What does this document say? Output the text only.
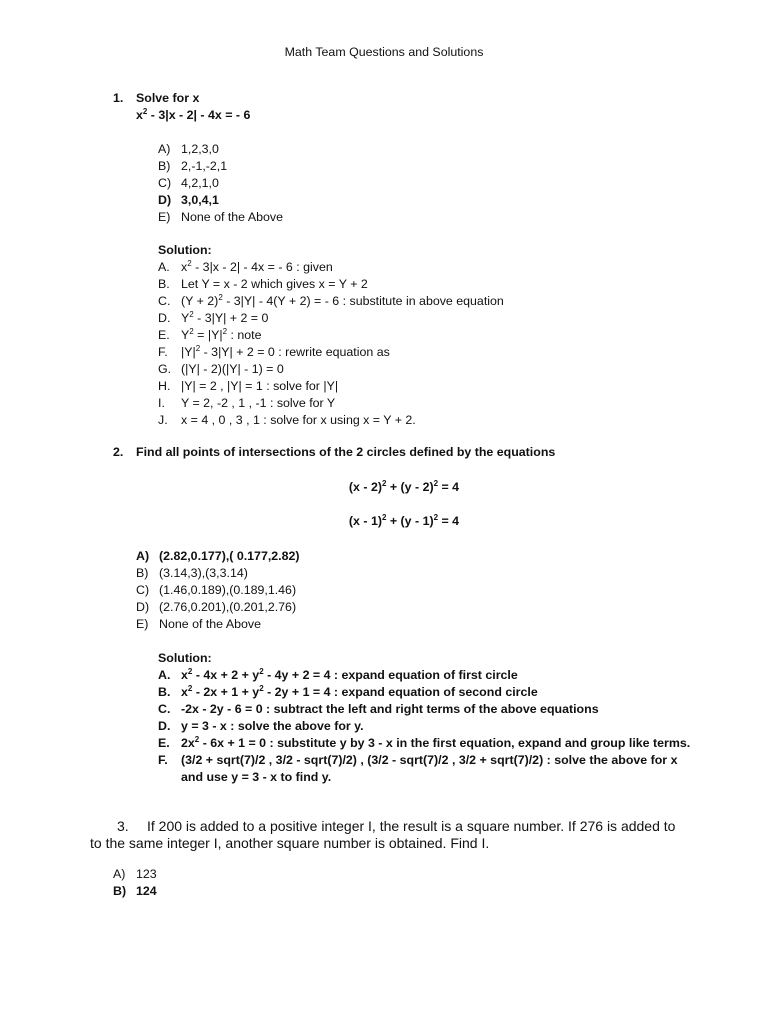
Math Team Questions and Solutions
1. Solve for x
$x^2 - 3|x - 2| - 4x$ = - 6
A) 1,2,3,0
B) 2,-1,-2,1
C) 4,2,1,0
D) 3,0,4,1
E) None of the Above
Solution:
A. $x^2 - 3|x - 2| - 4x$ = - 6 : given
B. Let Y = x - 2 which gives x = Y + 2
C. $(Y + 2)^2 - 3|Y| - 4(Y + 2)$ = - 6 : substitute in above equation
D. $Y^2 - 3|Y| + 2 = 0$
E. $Y^2 = |Y|^2$ : note
F. $|Y|^2 - 3|Y| + 2 = 0$ : rewrite equation as
G. (|Y| - 2)(|Y| - 1) = 0
H. |Y| = 2 , |Y| = 1 : solve for |Y|
I. Y = 2, -2 , 1 , -1 : solve for Y
J. x = 4 , 0 , 3 , 1 : solve for x using x = Y + 2.
2. Find all points of intersections of the 2 circles defined by the equations
(x - 2)$^2$ + (y - 2)$^2$ = 4
(x - 1)$^2$ + (y - 1)$^2$ = 4
A) (2.82,0.177),( 0.177,2.82)
B) (3.14,3),(3,3.14)
C) (1.46,0.189),(0.189,1.46)
D) (2.76,0.201),(0.201,2.76)
E) None of the Above
Solution:
A. $x^2 - 4x + 2 + y^2 - 4y + 2 = 4$ : expand equation of first circle
B. $x^2 - 2x + 1 + y^2 - 2y + 1 = 4$ : expand equation of second circle
C. -2x - 2y - 6 = 0 : subtract the left and right terms of the above equations
D. y = 3 - x : solve the above for y.
E. $2x^2 - 6x + 1 = 0$ : substitute y by 3 - x in the first equation, expand and group like terms.
F. (3/2 + sqrt(7)/2 , 3/2 - sqrt(7)/2) , (3/2 - sqrt(7)/2 , 3/2 + sqrt(7)/2) : solve the above for x
and use y = 3 - x to find y.
3. If 200 is added to a positive integer I, the result is a square number. If 276 is added to
to the same integer I, another square number is obtained. Find I.
A) 123
B) 124
